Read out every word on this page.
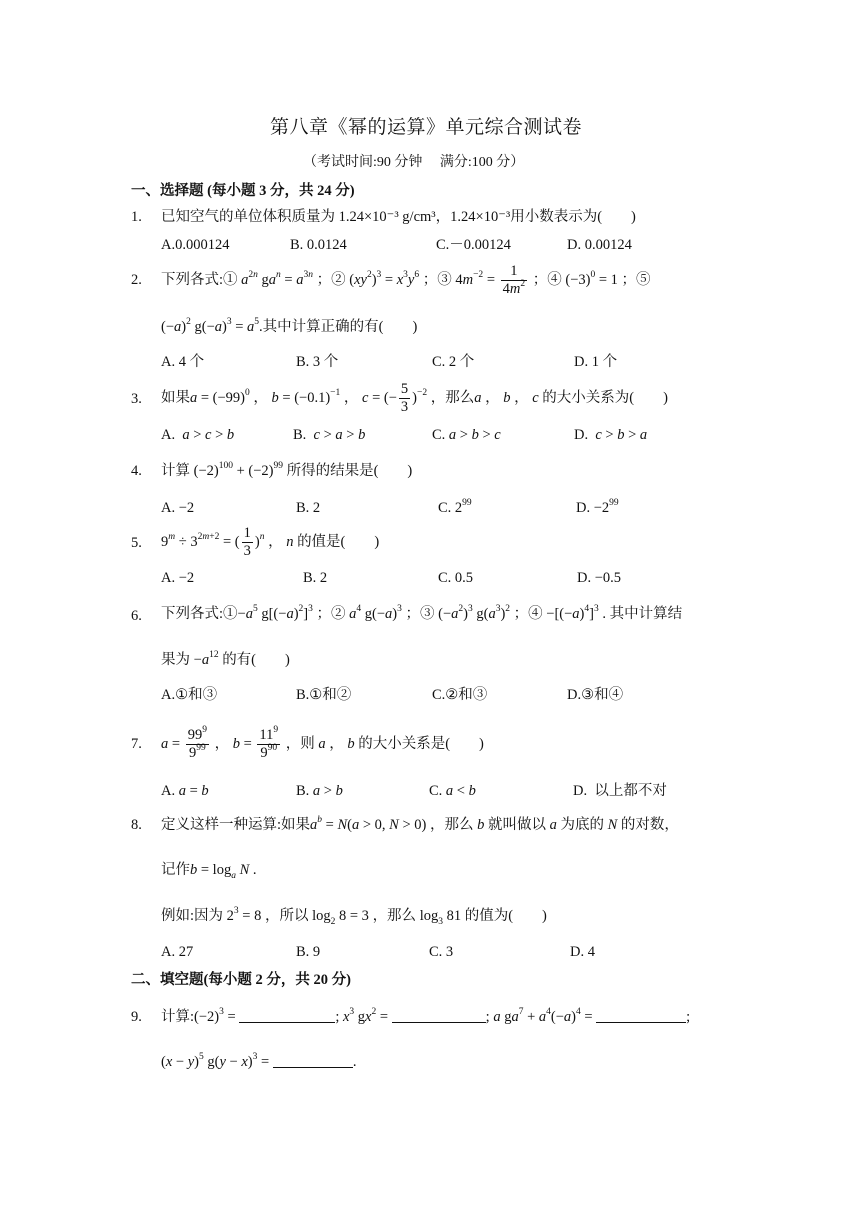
第八章《幂的运算》单元综合测试卷
（考试时间:90 分钟　 满分:100 分）
一、选择题 (每小题 3 分，共 24 分)
1. 已知空气的单位体积质量为 1.24×10⁻³ g/cm³，1.24×10⁻³用小数表示为(　　)
A.0.000124	B. 0.0124	C.－0.00124	D. 0.00124
2. 下列各式:① $a^{2n}$ $ga^n = a^{3n}$ ；② $(xy^2)^3 = x^3y^6$ ；③ $4m^{-2} = \frac{1}{4m^2}$ ；④ $(-3)^0 = 1$ ；⑤
$(-a)^2$ $g(-a)^3 = a^5$.其中计算正确的有(　　)
A. 4 个	B. 3 个	C. 2 个	D. 1 个
3. 如果$a = (-99)^0$ ， $b = (-0.1)^{-1}$ ， c = (− $\frac{5}{3} )^{-2}$ ，那么a ， b ， c 的大小关系为(　　)
A. a > c > b	B. c > a > b	C. a > b > c	D. c > b > a
4. 计算 $(-2)^{100} + (-2)^{99}$ 所得的结果是(　　)
A. −2	B. 2	C. $2^{99}$	D. $-2^{99}$
5. $9^m \div 3^{2m+2}$ = ( $\frac{1}{3} )^n$ ， n 的值是(　　)
A. −2	B. 2	C. 0.5	D. −0.5
6. 下列各式$:①-a^5$ $g[(-a)^2]^3$ ；② $a^4$ $g(-a)^3$ ；③ $(-a^2)^3$ $g(a^3)^2$ ；④ $-[(-a)^4]^3$ . 其中计算结
果为 $-a^{12}$ 的有(　　)
A.①和③	B.①和②	C.②和③	D.③和④
7. $a = \frac{99^9}{9^{99}}$ ， $b = \frac{11^9}{9^{90}}$ ，则 a ， b 的大小关系是(　　)
A. a = b	B. a > b	C. a < b	D. 以上都不对
8. 定义这样一种运算:如果$a^b = N(a > 0$, N > 0) ，那么 b 就叫做以 a 为底的 N 的对数，
记作$b = \log_a N$ .
例如:因为 $2^3 = 8$ ，所以 $\log_2 8 = 3$ ，那么 $\log_3 81$ 的值为(　　)
A. 27	B. 9	C. 3	D. 4
二、填空题(每小题 2 分，共 20 分)
9. 计算$:(-2)^3$ =	; $x^3$ $gx^2$ =	; a $ga^7 + a^4(-a)^4$ =	;
$(x - y)^5$ $g(y - x)^3$ =	.
